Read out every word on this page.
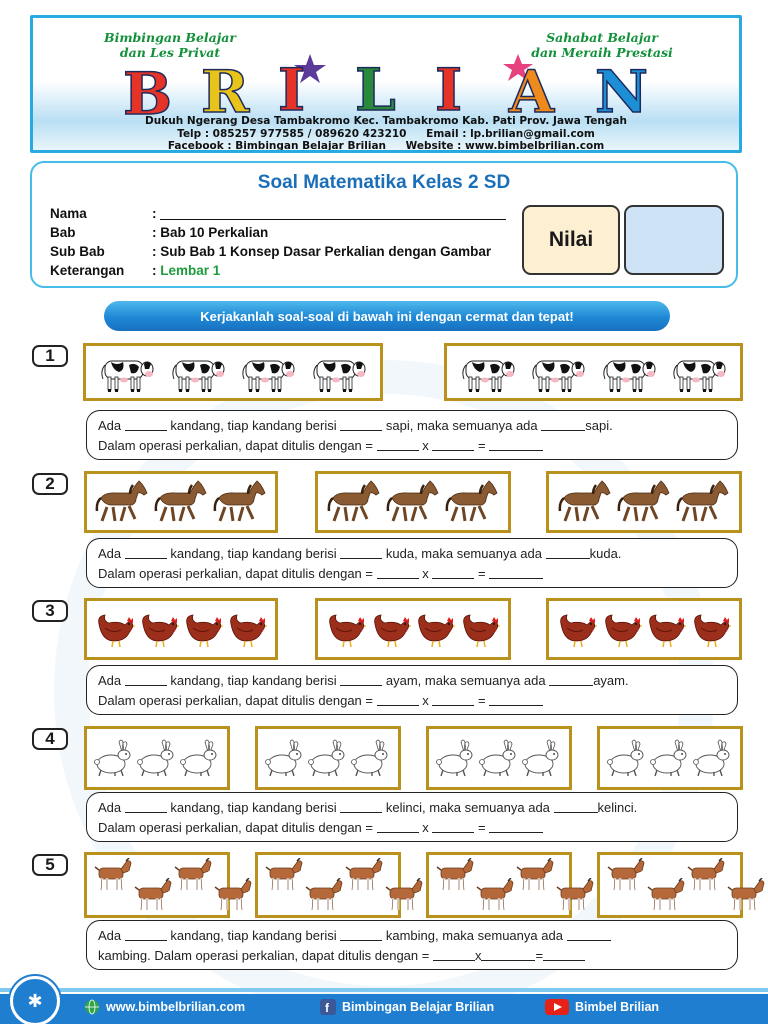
Bimbingan Belajar
dan Les Privat
Sahabat Belajar
dan Meraih Prestasi
B R I L I A N
Dukuh Ngerang Desa Tambakromo Kec. Tambakromo Kab. Pati Prov. Jawa Tengah
Telp : 085257 977585 / 089620 423210 Email : lp.brilian@gmail.com
Facebook : Bimbingan Belajar Brilian Website : www.bimbelbrilian.com
Soal Matematika Kelas 2 SD
Nama	:
Bab	: Bab 10 Perkalian
Sub Bab	: Sub Bab 1 Konsep Dasar Perkalian dengan Gambar
Keterangan	: Lembar 1
Nilai
Kerjakanlah soal-soal di bawah ini dengan cermat dan tepat!
1
Ada	kandang, tiap kandang berisi	sapi, maka semuanya ada	sapi.
Dalam operasi perkalian, dapat ditulis dengan =	x	=
2
Ada	kandang, tiap kandang berisi	kuda, maka semuanya ada	kuda.
Dalam operasi perkalian, dapat ditulis dengan =	x	=
3
Ada	kandang, tiap kandang berisi	ayam, maka semuanya ada	ayam.
Dalam operasi perkalian, dapat ditulis dengan =	x	=
4
Ada	kandang, tiap kandang berisi	kelinci, maka semuanya ada	kelinci.
Dalam operasi perkalian, dapat ditulis dengan =	x	=
5
Ada	kandang, tiap kandang berisi	kambing, maka semuanya ada
kambing. Dalam operasi perkalian, dapat ditulis dengan =	x	=
✱	www.bimbelbrilian.com	f Bimbingan Belajar Brilian	Bimbel Brilian
